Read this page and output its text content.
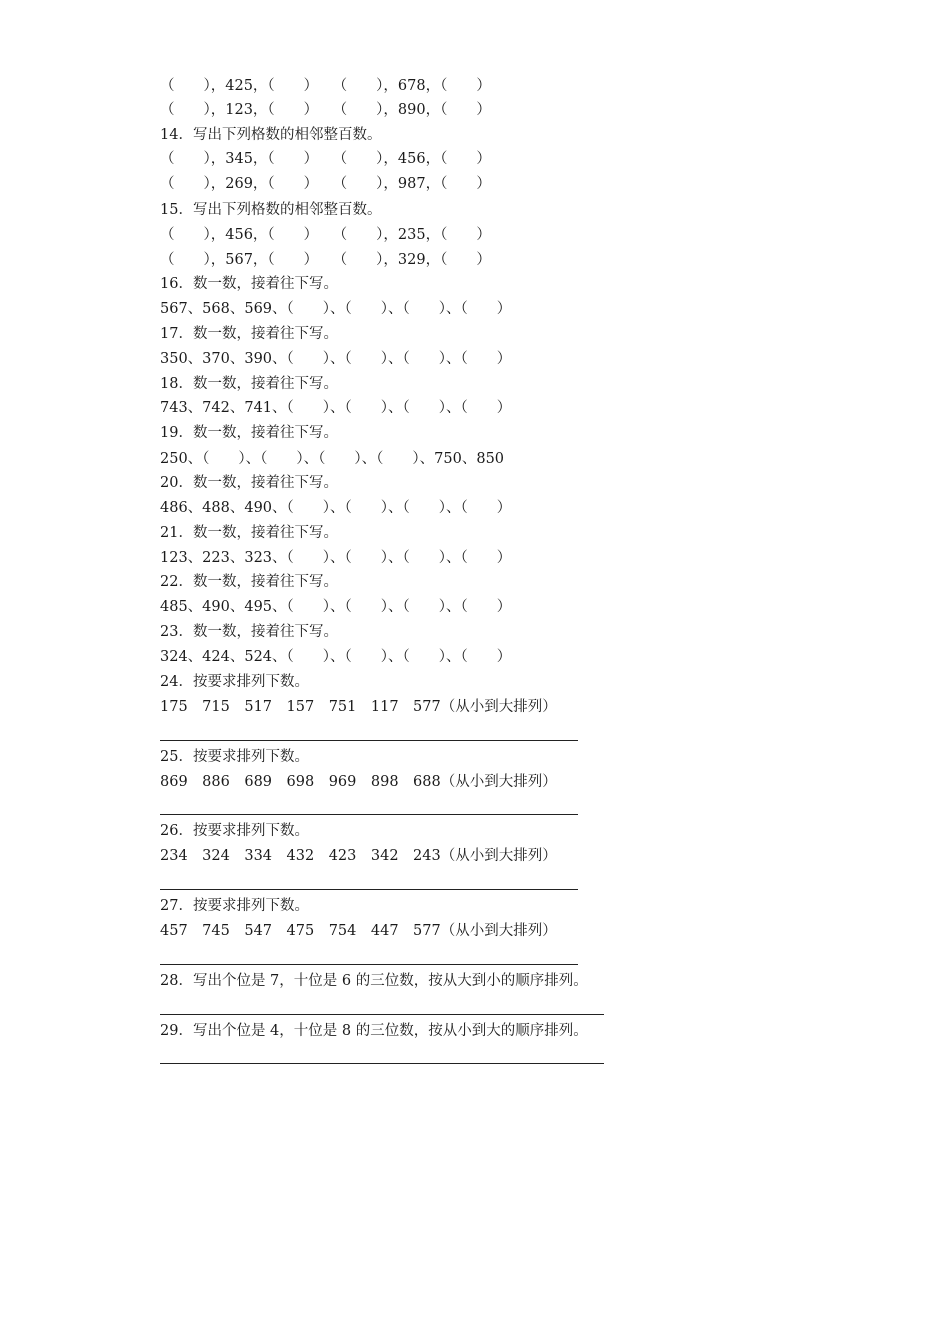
（　　），425，（　　）　　（　　），678，（　　）
（　　），123，（　　）　　（　　），890，（　　）
14．写出下列格数的相邻整百数。
（　　），345，（　　）　　（　　），456，（　　）
（　　），269，（　　）　　（　　），987，（　　）
15．写出下列格数的相邻整百数。
（　　），456，（　　）　　（　　），235，（　　）
（　　），567，（　　）　　（　　），329，（　　）
16．数一数，接着往下写。
567、568、569、（　　）、（　　）、（　　）、（　　）
17．数一数，接着往下写。
350、370、390、（　　）、（　　）、（　　）、（　　）
18．数一数，接着往下写。
743、742、741、（　　）、（　　）、（　　）、（　　）
19．数一数，接着往下写。
250、（　　）、（　　）、（　　）、（　　）、750、850
20．数一数，接着往下写。
486、488、490、（　　）、（　　）、（　　）、（　　）
21．数一数，接着往下写。
123、223、323、（　　）、（　　）、（　　）、（　　）
22．数一数，接着往下写。
485、490、495、（　　）、（　　）、（　　）、（　　）
23．数一数，接着往下写。
324、424、524、（　　）、（　　）、（　　）、（　　）
24．按要求排列下数。
175　715　517　157　751　117　577（从小到大排列）
25．按要求排列下数。
869　886　689　698　969　898　688（从小到大排列）
26．按要求排列下数。
234　324　334　432　423　342　243（从小到大排列）
27．按要求排列下数。
457　745　547　475　754　447　577（从小到大排列）
28．写出个位是 7，十位是 6 的三位数，按从大到小的顺序排列。
29．写出个位是 4，十位是 8 的三位数，按从小到大的顺序排列。
